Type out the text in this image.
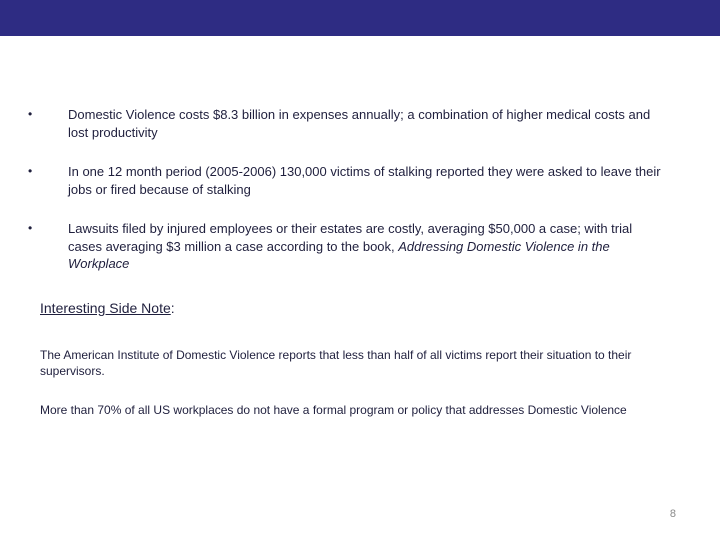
•	Domestic Violence costs $8.3 billion in expenses annually; a combination of higher medical costs and lost productivity
•	In one 12 month period (2005-2006) 130,000 victims of stalking reported they were asked to leave their jobs or fired because of stalking
•	Lawsuits filed by injured employees or their estates are costly, averaging $50,000 a case; with trial cases averaging $3 million a case according to the book, Addressing Domestic Violence in the Workplace
Interesting Side Note:
The American Institute of Domestic Violence reports that less than half of all victims report their situation to their supervisors.
More than 70% of all US workplaces do not have a formal program or policy that addresses Domestic Violence
8
